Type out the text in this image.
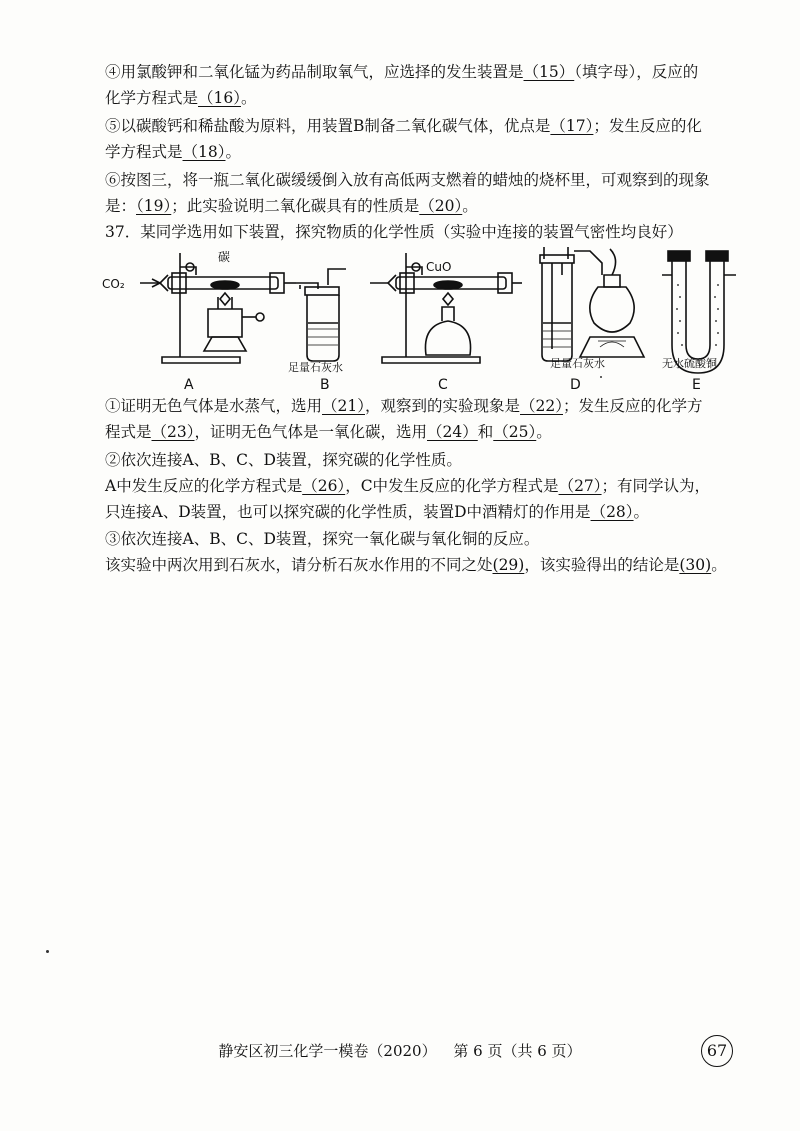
④用氯酸钾和二氧化锰为药品制取氧气，应选择的发生装置是（15）（填字母），反应的
化学方程式是（16）。
⑤以碳酸钙和稀盐酸为原料，用装置B制备二氧化碳气体，优点是（17）；发生反应的化
学方程式是（18）。
⑥按图三，将一瓶二氧化碳缓缓倒入放有高低两支燃着的蜡烛的烧杯里，可观察到的现象
是：（19）；此实验说明二氧化碳具有的性质是（20）。
37．某同学选用如下装置，探究物质的化学性质（实验中连接的装置气密性均良好）
CO₂
碳
CuO
足量石灰水	足量石灰水	无水硫酸铜
A	B	C	D	E
①证明无色气体是水蒸气，选用（21），观察到的实验现象是（22）；发生反应的化学方
程式是（23），证明无色气体是一氧化碳，选用（24）和（25）。
②依次连接A、B、C、D装置，探究碳的化学性质。
A中发生反应的化学方程式是（26），C中发生反应的化学方程式是（27）；有同学认为，
只连接A、D装置，也可以探究碳的化学性质，装置D中酒精灯的作用是（28）。
③依次连接A、B、C、D装置，探究一氧化碳与氧化铜的反应。
该实验中两次用到石灰水，请分析石灰水作用的不同之处(29)，该实验得出的结论是(30)。
静安区初三化学一模卷（2020） 第 6 页（共 6 页）	67
